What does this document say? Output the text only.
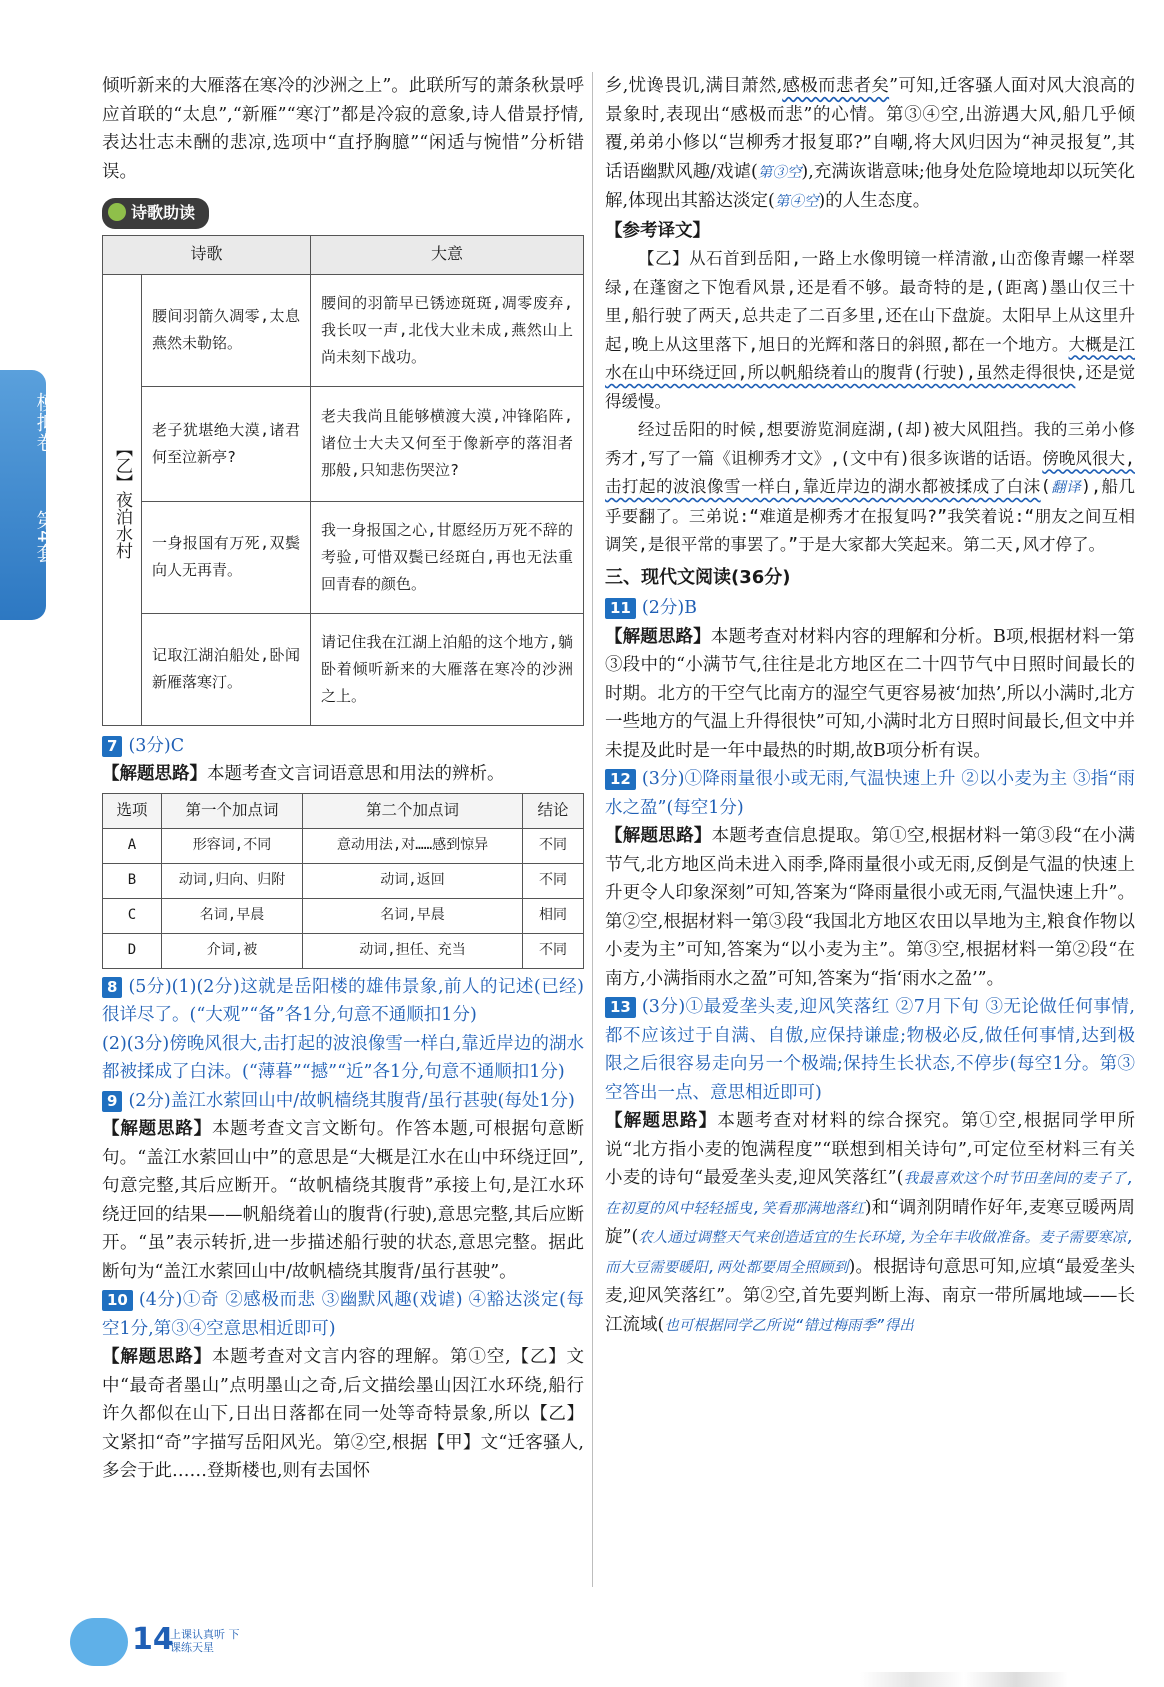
模拟卷
第4套

倾听新来的大雁落在寒冷的沙洲之上”。此联所写的萧条秋景呼应首联的“太息”,“新雁”“寒汀”都是冷寂的意象,诗人借景抒情,表达壮志未酬的悲凉,选项中“直抒胸臆”“闲适与惋惜”分析错误。

诗歌助读
诗歌		大意
【乙】夜泊水村	腰间羽箭久凋零,太息燕然未勒铭。	腰间的羽箭早已锈迹斑斑,凋零废弃,我长叹一声,北伐大业未成,燕然山上尚未刻下战功。
	老子犹堪绝大漠,诸君何至泣新亭?	老夫我尚且能够横渡大漠,冲锋陷阵,诸位士大夫又何至于像新亭的落泪者那般,只知悲伤哭泣?
	一身报国有万死,双鬓向人无再青。	我一身报国之心,甘愿经历万死不辞的考验,可惜双鬓已经斑白,再也无法重回青春的颜色。
	记取江湖泊船处,卧闻新雁落寒汀。	请记住我在江湖上泊船的这个地方,躺卧着倾听新来的大雁落在寒冷的沙洲之上。

7 (3分)C

【解题思路】本题考查文言词语意思和用法的辨析。

选项	第一个加点词	第二个加点词	结论
A	形容词,不同	意动用法,对……感到惊异	不同
B	动词,归向、归附	动词,返回	不同
C	名词,早晨	名词,早晨	相同
D	介词,被	动词,担任、充当	不同

8 (5分)(1)(2分)这就是岳阳楼的雄伟景象,前人的记述(已经)很详尽了。(“大观”“备”各1分,句意不通顺扣1分)

(2)(3分)傍晚风很大,击打起的波浪像雪一样白,靠近岸边的湖水都被揉成了白沫。(“薄暮”“撼”“近”各1分,句意不通顺扣1分)

9 (2分)盖江水萦回山中/故帆樯绕其腹背/虽行甚驶(每处1分)

【解题思路】本题考查文言文断句。作答本题,可根据句意断句。“盖江水萦回山中”的意思是“大概是江水在山中环绕迂回”,句意完整,其后应断开。“故帆樯绕其腹背”承接上句,是江水环绕迂回的结果——帆船绕着山的腹背(行驶),意思完整,其后应断开。“虽”表示转折,进一步描述船行驶的状态,意思完整。据此断句为“盖江水萦回山中/故帆樯绕其腹背/虽行甚驶”。

10 (4分)①奇 ②感极而悲 ③幽默风趣(戏谑) ④豁达淡定(每空1分,第③④空意思相近即可)

【解题思路】本题考查对文言内容的理解。第①空,【乙】文中“最奇者墨山”点明墨山之奇,后文描绘墨山因江水环绕,船行许久都似在山下,日出日落都在同一处等奇特景象,所以【乙】文紧扣“奇”字描写岳阳风光。第②空,根据【甲】文“迁客骚人,多会于此……登斯楼也,则有去国怀

乡,忧谗畏讥,满目萧然,感极而悲者矣”可知,迁客骚人面对风大浪高的景象时,表现出“感极而悲”的心情。第③④空,出游遇大风,船几乎倾覆,弟弟小修以“岂柳秀才报复耶?”自嘲,将大风归因为“神灵报复”,其话语幽默风趣/戏谑(第③空),充满诙谐意味;他身处危险境地却以玩笑化解,体现出其豁达淡定(第④空)的人生态度。

【参考译文】

【乙】从石首到岳阳,一路上水像明镜一样清澈,山峦像青螺一样翠绿,在蓬窗之下饱看风景,还是看不够。最奇特的是,(距离)墨山仅三十里,船行驶了两天,总共走了二百多里,还在山下盘旋。太阳早上从这里升起,晚上从这里落下,旭日的光辉和落日的斜照,都在一个地方。大概是江水在山中环绕迂回,所以帆船绕着山的腹背(行驶),虽然走得很快,还是觉得缓慢。

经过岳阳的时候,想要游览洞庭湖,(却)被大风阻挡。我的三弟小修秀才,写了一篇《诅柳秀才文》,(文中有)很多诙谐的话语。傍晚风很大,击打起的波浪像雪一样白,靠近岸边的湖水都被揉成了白沫(翻译),船几乎要翻了。三弟说:“难道是柳秀才在报复吗?”我笑着说:“朋友之间互相调笑,是很平常的事罢了。”于是大家都大笑起来。第二天,风才停了。

三、现代文阅读(36分)

11 (2分)B

【解题思路】本题考查对材料内容的理解和分析。B项,根据材料一第③段中的“小满节气,往往是北方地区在二十四节气中日照时间最长的时期。北方的干空气比南方的湿空气更容易被‘加热’,所以小满时,北方一些地方的气温上升得很快”可知,小满时北方日照时间最长,但文中并未提及此时是一年中最热的时期,故B项分析有误。

12 (3分)①降雨量很小或无雨,气温快速上升 ②以小麦为主 ③指“雨水之盈”(每空1分)

【解题思路】本题考查信息提取。第①空,根据材料一第③段“在小满节气,北方地区尚未进入雨季,降雨量很小或无雨,反倒是气温的快速上升更令人印象深刻”可知,答案为“降雨量很小或无雨,气温快速上升”。第②空,根据材料一第③段“我国北方地区农田以旱地为主,粮食作物以小麦为主”可知,答案为“以小麦为主”。第③空,根据材料一第②段“在南方,小满指雨水之盈”可知,答案为“指‘雨水之盈’”。

13 (3分)①最爱垄头麦,迎风笑落红 ②7月下旬 ③无论做任何事情,都不应该过于自满、自傲,应保持谦虚;物极必反,做任何事情,达到极限之后很容易走向另一个极端;保持生长状态,不停步(每空1分。第③空答出一点、意思相近即可)

【解题思路】本题考查对材料的综合探究。第①空,根据同学甲所说“北方指小麦的饱满程度”“联想到相关诗句”,可定位至材料三有关小麦的诗句“最爱垄头麦,迎风笑落红”(我最喜欢这个时节田垄间的麦子了,在初夏的风中轻轻摇曳,笑看那满地落红)和“调剂阴晴作好年,麦寒豆暖两周旋”(农人通过调整天气来创造适宜的生长环境,为全年丰收做准备。麦子需要寒凉,而大豆需要暖阳,两处都要周全照顾到)。根据诗句意思可知,应填“最爱垄头麦,迎风笑落红”。第②空,首先要判断上海、南京一带所属地域——长江流域(也可根据同学乙所说“错过梅雨季”得出

14
上课认真听 下课练天星
